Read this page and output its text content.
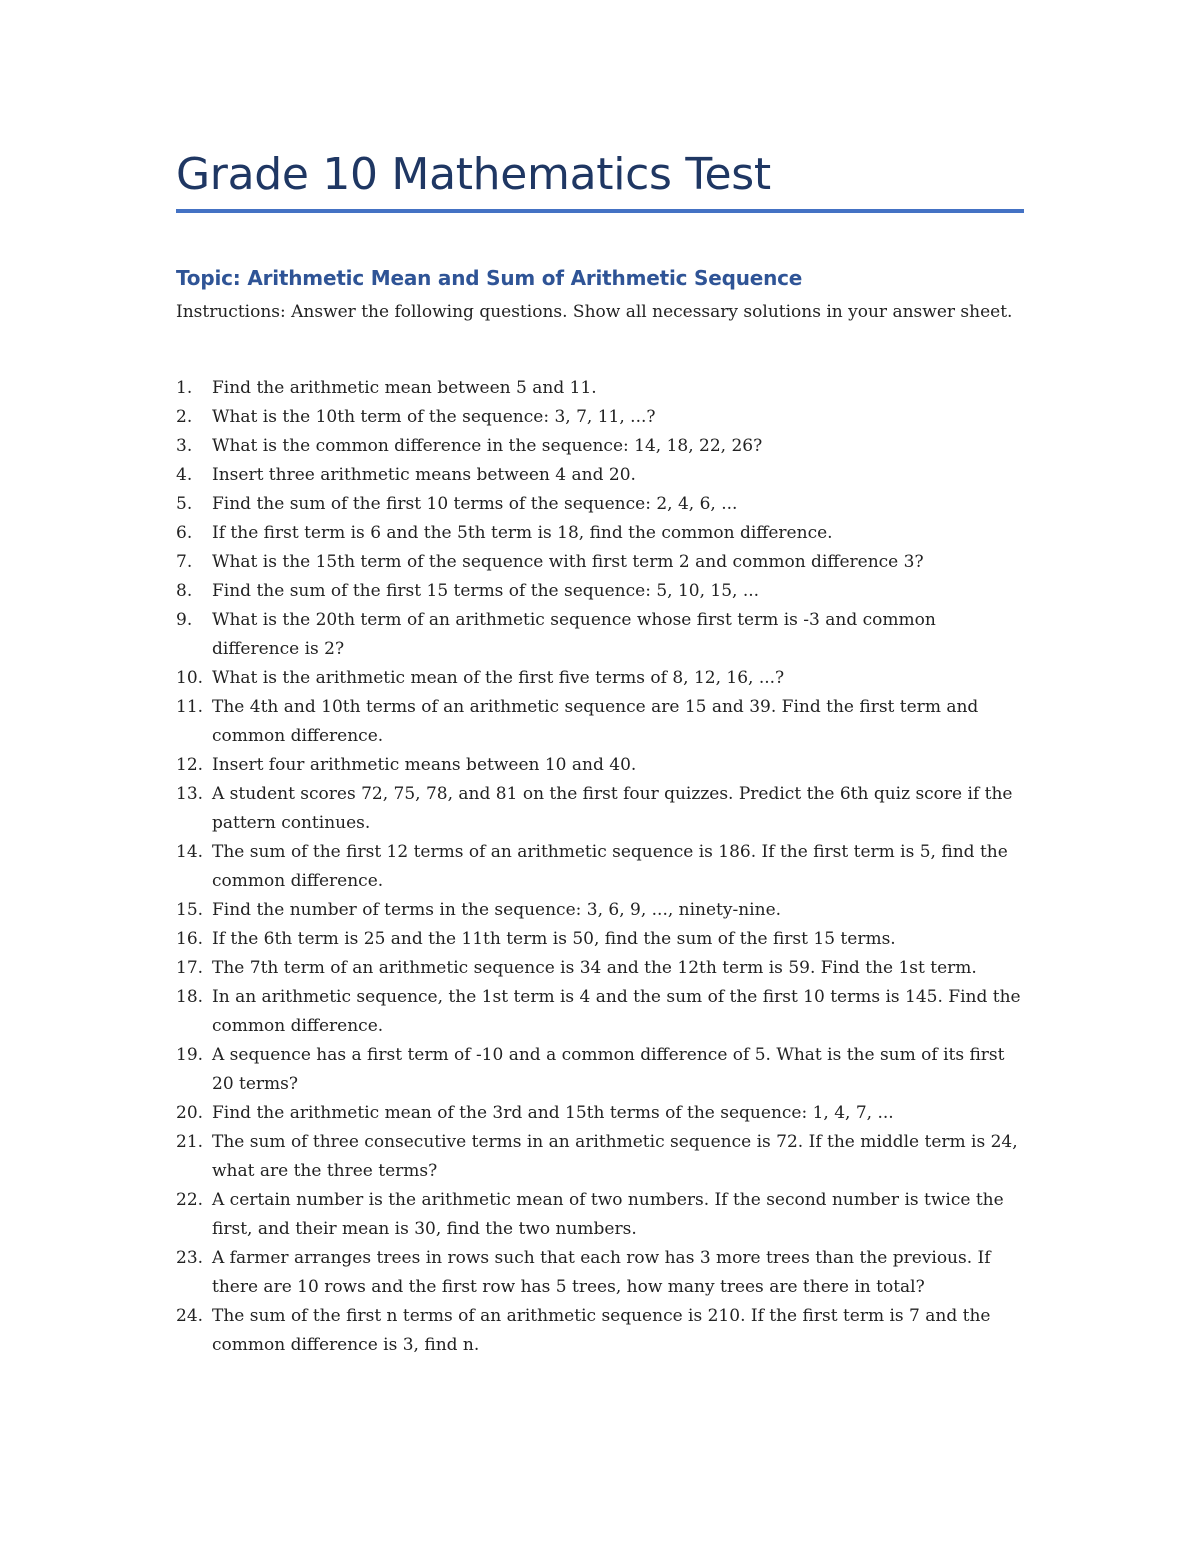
Grade 10 Mathematics Test
Topic: Arithmetic Mean and Sum of Arithmetic Sequence

Instructions: Answer the following questions. Show all necessary solutions in your answer sheet.

1.	Find the arithmetic mean between 5 and 11.
2.	What is the 10th term of the sequence: 3, 7, 11, ...?
3.	What is the common difference in the sequence: 14, 18, 22, 26?
4.	Insert three arithmetic means between 4 and 20.
5.	Find the sum of the first 10 terms of the sequence: 2, 4, 6, ...
6.	If the first term is 6 and the 5th term is 18, find the common difference.
7.	What is the 15th term of the sequence with first term 2 and common difference 3?
8.	Find the sum of the first 15 terms of the sequence: 5, 10, 15, ...
9.	What is the 20th term of an arithmetic sequence whose first term is -3 and common difference is 2?
10. What is the arithmetic mean of the first five terms of 8, 12, 16, ...?
11. The 4th and 10th terms of an arithmetic sequence are 15 and 39. Find the first term and common difference.
12. Insert four arithmetic means between 10 and 40.
13. A student scores 72, 75, 78, and 81 on the first four quizzes. Predict the 6th quiz score if the pattern continues.
14. The sum of the first 12 terms of an arithmetic sequence is 186. If the first term is 5, find the common difference.
15. Find the number of terms in the sequence: 3, 6, 9, ..., ninety-nine.
16. If the 6th term is 25 and the 11th term is 50, find the sum of the first 15 terms.
17. The 7th term of an arithmetic sequence is 34 and the 12th term is 59. Find the 1st term.
18. In an arithmetic sequence, the 1st term is 4 and the sum of the first 10 terms is 145. Find the common difference.
19. A sequence has a first term of -10 and a common difference of 5. What is the sum of its first 20 terms?
20. Find the arithmetic mean of the 3rd and 15th terms of the sequence: 1, 4, 7, ...
21. The sum of three consecutive terms in an arithmetic sequence is 72. If the middle term is 24, what are the three terms?
22. A certain number is the arithmetic mean of two numbers. If the second number is twice the first, and their mean is 30, find the two numbers.
23. A farmer arranges trees in rows such that each row has 3 more trees than the previous. If there are 10 rows and the first row has 5 trees, how many trees are there in total?
24. The sum of the first n terms of an arithmetic sequence is 210. If the first term is 7 and the common difference is 3, find n.
